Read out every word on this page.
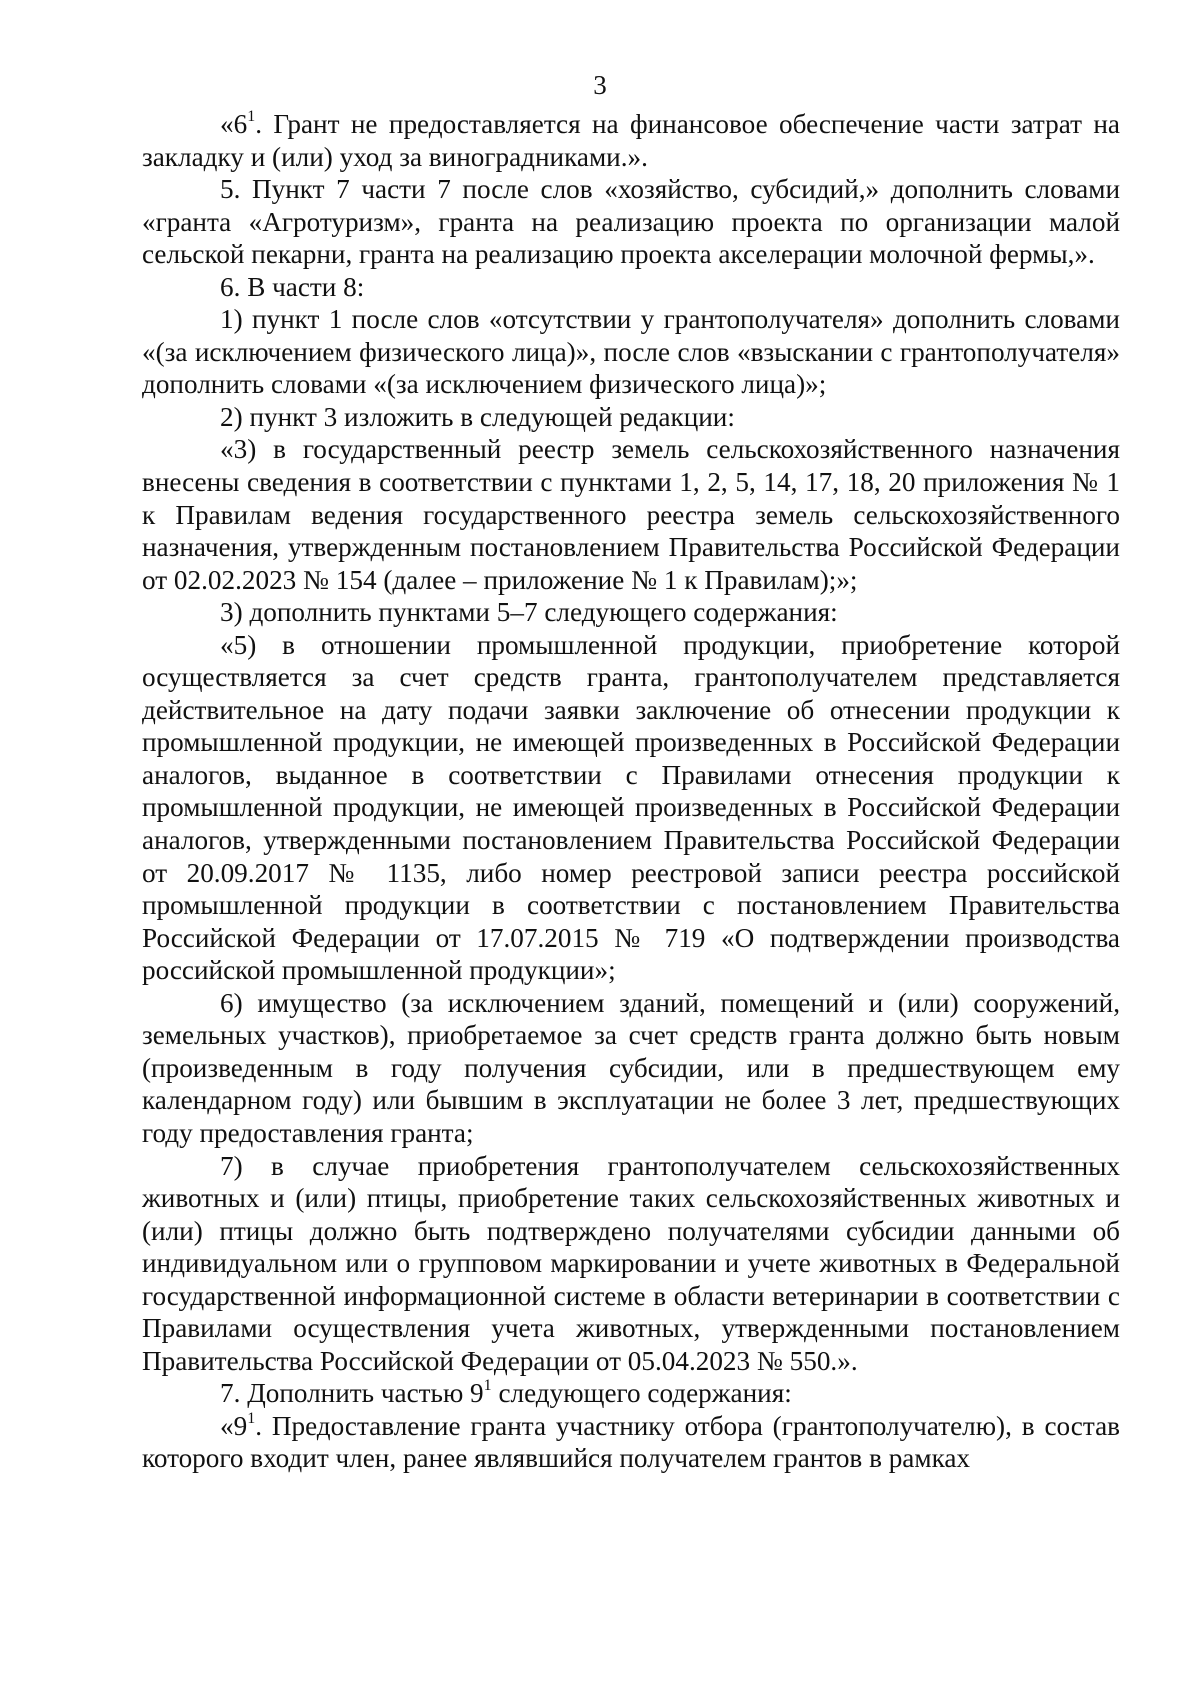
3

«$6^1$. Грант не предоставляется на финансовое обеспечение части затрат на закладку и (или) уход за виноградниками.».

5. Пункт 7 части 7 после слов «хозяйство, субсидий,» дополнить словами «гранта «Агротуризм», гранта на реализацию проекта по организации малой сельской пекарни, гранта на реализацию проекта акселерации молочной фермы,».

6. В части 8:

1) пункт 1 после слов «отсутствии у грантополучателя» дополнить словами «(за исключением физического лица)», после слов «взыскании с грантополучателя» дополнить словами «(за исключением физического лица)»;

2) пункт 3 изложить в следующей редакции:

«3) в государственный реестр земель сельскохозяйственного назначения внесены сведения в соответствии с пунктами 1, 2, 5, 14, 17, 18, 20 приложения № 1 к Правилам ведения государственного реестра земель сельскохозяйственного назначения, утвержденным постановлением Правительства Российской Федерации от 02.02.2023 № 154 (далее – приложение № 1 к Правилам);»;

3) дополнить пунктами 5–7 следующего содержания:

«5) в отношении промышленной продукции, приобретение которой осуществляется за счет средств гранта, грантополучателем представляется действительное на дату подачи заявки заключение об отнесении продукции к промышленной продукции, не имеющей произведенных в Российской Федерации аналогов, выданное в соответствии с Правилами отнесения продукции к промышленной продукции, не имеющей произведенных в Российской Федерации аналогов, утвержденными постановлением Правительства Российской Федерации от 20.09.2017 № 1135, либо номер реестровой записи реестра российской промышленной продукции в соответствии с постановлением Правительства Российской Федерации от 17.07.2015 № 719 «О подтверждении производства российской промышленной продукции»;

6) имущество (за исключением зданий, помещений и (или) сооружений, земельных участков), приобретаемое за счет средств гранта должно быть новым (произведенным в году получения субсидии, или в предшествующем ему календарном году) или бывшим в эксплуатации не более 3 лет, предшествующих году предоставления гранта;

7) в случае приобретения грантополучателем сельскохозяйственных животных и (или) птицы, приобретение таких сельскохозяйственных животных и (или) птицы должно быть подтверждено получателями субсидии данными об индивидуальном или о групповом маркировании и учете животных в Федеральной государственной информационной системе в области ветеринарии в соответствии с Правилами осуществления учета животных, утвержденными постановлением Правительства Российской Федерации от 05.04.2023 № 550.».

7. Дополнить частью $9^1$ следующего содержания:

«$9^1$. Предоставление гранта участнику отбора (грантополучателю), в состав которого входит член, ранее являвшийся получателем грантов в рамках
